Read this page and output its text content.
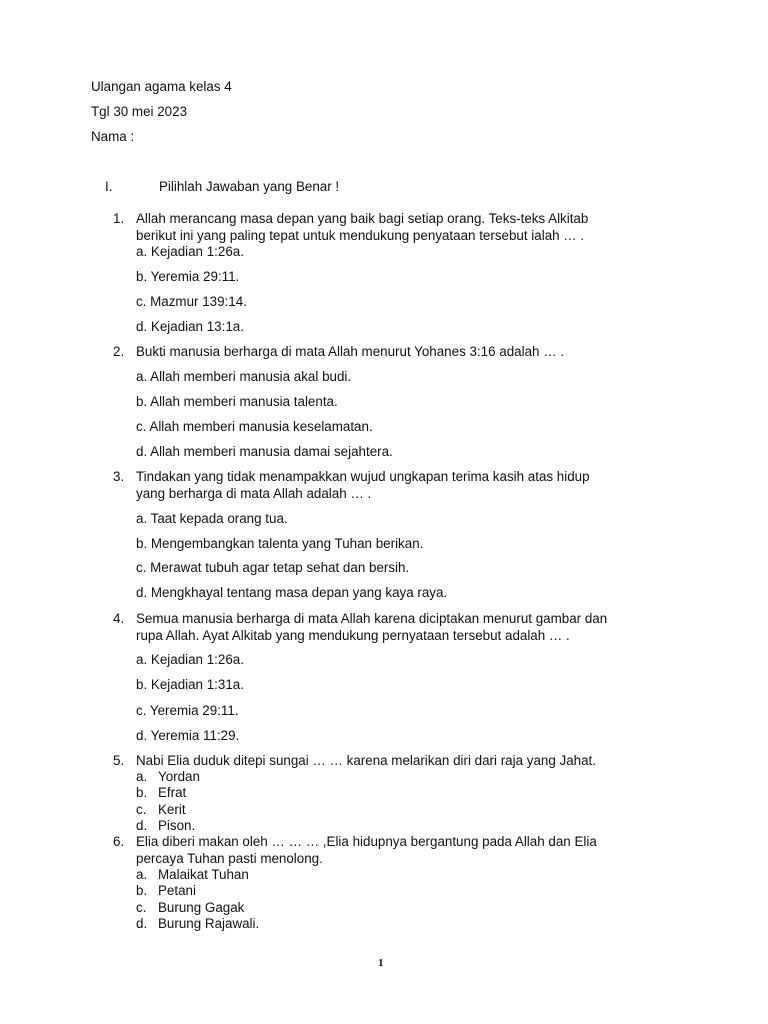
Ulangan agama kelas 4
Tgl 30 mei 2023
Nama :
I.	Pilihlah Jawaban yang Benar !
1. Allah merancang masa depan yang baik bagi setiap orang. Teks-teks Alkitab
berikut ini yang paling tepat untuk mendukung penyataan tersebut ialah … .
a. Kejadian 1:26a.
b. Yeremia 29:11.
c. Mazmur 139:14.
d. Kejadian 13:1a.
2. Bukti manusia berharga di mata Allah menurut Yohanes 3:16 adalah … .
a. Allah memberi manusia akal budi.
b. Allah memberi manusia talenta.
c. Allah memberi manusia keselamatan.
d. Allah memberi manusia damai sejahtera.
3. Tindakan yang tidak menampakkan wujud ungkapan terima kasih atas hidup
yang berharga di mata Allah adalah … .
a. Taat kepada orang tua.
b. Mengembangkan talenta yang Tuhan berikan.
c. Merawat tubuh agar tetap sehat dan bersih.
d. Mengkhayal tentang masa depan yang kaya raya.
4. Semua manusia berharga di mata Allah karena diciptakan menurut gambar dan
rupa Allah. Ayat Alkitab yang mendukung pernyataan tersebut adalah … .
a. Kejadian 1:26a.
b. Kejadian 1:31a.
c. Yeremia 29:11.
d. Yeremia 11:29.
5. Nabi Elia duduk ditepi sungai … … karena melarikan diri dari raja yang Jahat.
a. Yordan
b. Efrat
c. Kerit
d. Pison.
6. Elia diberi makan oleh … … … ,Elia hidupnya bergantung pada Allah dan Elia
percaya Tuhan pasti menolong.
a. Malaikat Tuhan
b. Petani
c. Burung Gagak
d. Burung Rajawali.
1
